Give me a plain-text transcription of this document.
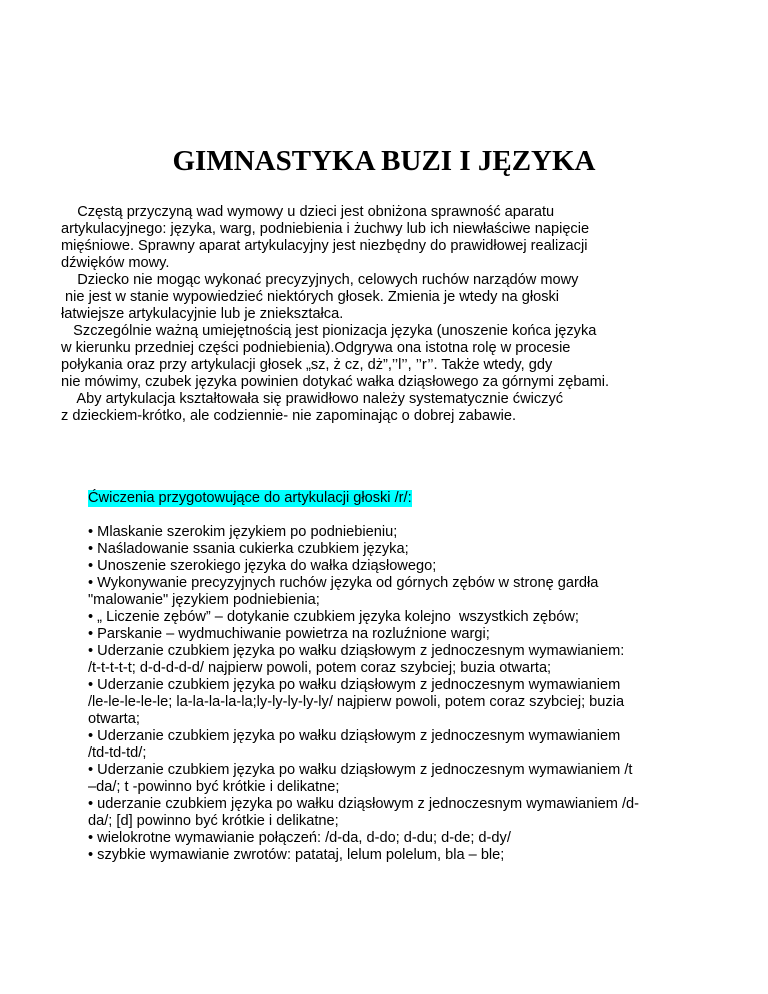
GIMNASTYKA BUZI I JĘZYKA
Częstą przyczyną wad wymowy u dzieci jest obniżona sprawność aparatu
artykulacyjnego: języka, warg, podniebienia i żuchwy lub ich niewłaściwe napięcie
mięśniowe. Sprawny aparat artykulacyjny jest niezbędny do prawidłowej realizacji
dźwięków mowy.
Dziecko nie mogąc wykonać precyzyjnych, celowych ruchów narządów mowy
nie jest w stanie wypowiedzieć niektórych głosek. Zmienia je wtedy na głoski
łatwiejsze artykulacyjnie lub je zniekształca.
Szczególnie ważną umiejętnością jest pionizacja języka (unoszenie końca języka
w kierunku przedniej części podniebienia).Odgrywa ona istotna rolę w procesie
połykania oraz przy artykulacji głosek „sz, ż cz, dż”,’’l’’, ’’r’’. Także wtedy, gdy
nie mówimy, czubek języka powinien dotykać wałka dziąsłowego za górnymi zębami.
Aby artykulacja kształtowała się prawidłowo należy systematycznie ćwiczyć
z dzieckiem-krótko, ale codziennie- nie zapominając o dobrej zabawie.
Ćwiczenia przygotowujące do artykulacji głoski /r/:
• Mlaskanie szerokim językiem po podniebieniu;
• Naśladowanie ssania cukierka czubkiem języka;
• Unoszenie szerokiego języka do wałka dziąsłowego;
• Wykonywanie precyzyjnych ruchów języka od górnych zębów w stronę gardła
"malowanie" językiem podniebienia;
• „ Liczenie zębów” – dotykanie czubkiem języka kolejno  wszystkich zębów;
• Parskanie – wydmuchiwanie powietrza na rozluźnione wargi;
• Uderzanie czubkiem języka po wałku dziąsłowym z jednoczesnym wymawianiem:
/t-t-t-t-t; d-d-d-d-d/ najpierw powoli, potem coraz szybciej; buzia otwarta;
• Uderzanie czubkiem języka po wałku dziąsłowym z jednoczesnym wymawianiem
/le-le-le-le-le; la-la-la-la-la;ly-ly-ly-ly-ly/ najpierw powoli, potem coraz szybciej; buzia
otwarta;
• Uderzanie czubkiem języka po wałku dziąsłowym z jednoczesnym wymawianiem
/td-td-td/;
• Uderzanie czubkiem języka po wałku dziąsłowym z jednoczesnym wymawianiem /t
–da/; t -powinno być krótkie i delikatne;
• uderzanie czubkiem języka po wałku dziąsłowym z jednoczesnym wymawianiem /d-
da/; [d] powinno być krótkie i delikatne;
• wielokrotne wymawianie połączeń: /d-da, d-do; d-du; d-de; d-dy/
• szybkie wymawianie zwrotów: patataj, lelum polelum, bla – ble;
